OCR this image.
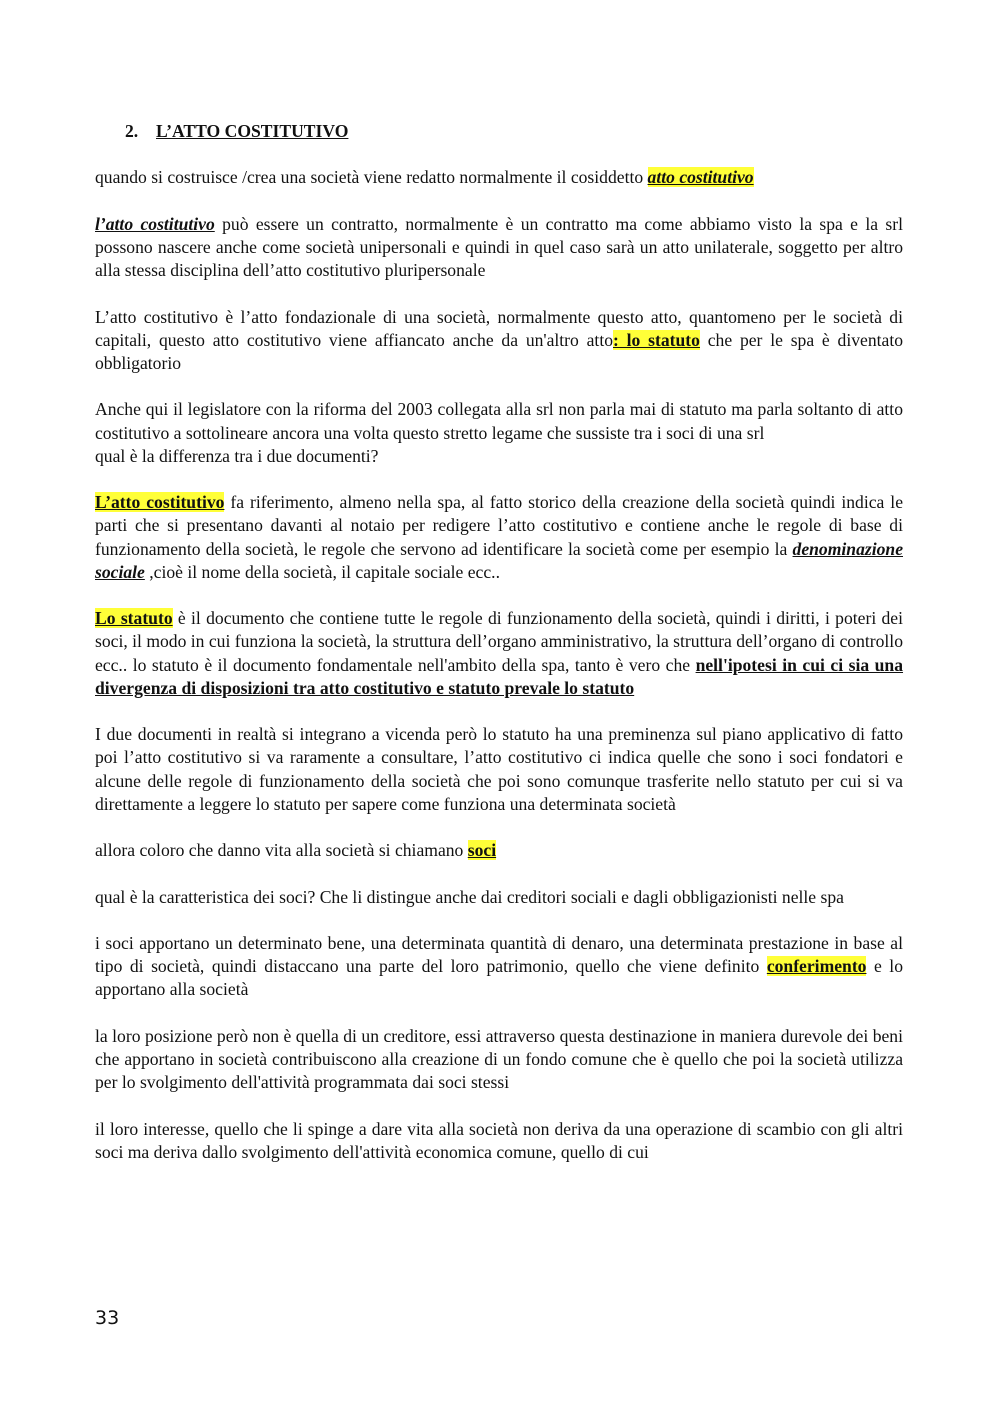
2. L’ATTO COSTITUTIVO

quando si costruisce /crea una società viene redatto normalmente il cosiddetto atto costitutivo

l’atto costitutivo può essere un contratto, normalmente è un contratto ma come abbiamo visto la spa e la srl possono nascere anche come società unipersonali e quindi in quel caso sarà un atto unilaterale, soggetto per altro alla stessa disciplina dell’atto costitutivo pluripersonale

L’atto costitutivo è l’atto fondazionale di una società, normalmente questo atto, quantomeno per le società di capitali, questo atto costitutivo viene affiancato anche da un'altro atto: lo statuto che per le spa è diventato obbligatorio

Anche qui il legislatore con la riforma del 2003 collegata alla srl non parla mai di statuto ma parla soltanto di atto costitutivo a sottolineare ancora una volta questo stretto legame che sussiste tra i soci di una srl

qual è la differenza tra i due documenti?

L’atto costitutivo fa riferimento, almeno nella spa, al fatto storico della creazione della società quindi indica le parti che si presentano davanti al notaio per redigere l’atto costitutivo e contiene anche le regole di base di funzionamento della società, le regole che servono ad identificare la società come per esempio la denominazione sociale ,cioè il nome della società, il capitale sociale ecc..

Lo statuto è il documento che contiene tutte le regole di funzionamento della società, quindi i diritti, i poteri dei soci, il modo in cui funziona la società, la struttura dell’organo amministrativo, la struttura dell’organo di controllo ecc.. lo statuto è il documento fondamentale nell'ambito della spa, tanto è vero che nell'ipotesi in cui ci sia una divergenza di disposizioni tra atto costitutivo e statuto prevale lo statuto

I due documenti in realtà si integrano a vicenda però lo statuto ha una preminenza sul piano applicativo di fatto poi l’atto costitutivo si va raramente a consultare, l’atto costitutivo ci indica quelle che sono i soci fondatori e alcune delle regole di funzionamento della società che poi sono comunque trasferite nello statuto per cui si va direttamente a leggere lo statuto per sapere come funziona una determinata società

allora coloro che danno vita alla società si chiamano soci

qual è la caratteristica dei soci? Che li distingue anche dai creditori sociali e dagli obbligazionisti nelle spa

i soci apportano un determinato bene, una determinata quantità di denaro, una determinata prestazione in base al tipo di società, quindi distaccano una parte del loro patrimonio, quello che viene definito conferimento e lo apportano alla società

la loro posizione però non è quella di un creditore, essi attraverso questa destinazione in maniera durevole dei beni che apportano in società contribuiscono alla creazione di un fondo comune che è quello che poi la società utilizza per lo svolgimento dell'attività programmata dai soci stessi

il loro interesse, quello che li spinge a dare vita alla società non deriva da una operazione di scambio con gli altri soci ma deriva dallo svolgimento dell'attività economica comune, quello di cui

33
